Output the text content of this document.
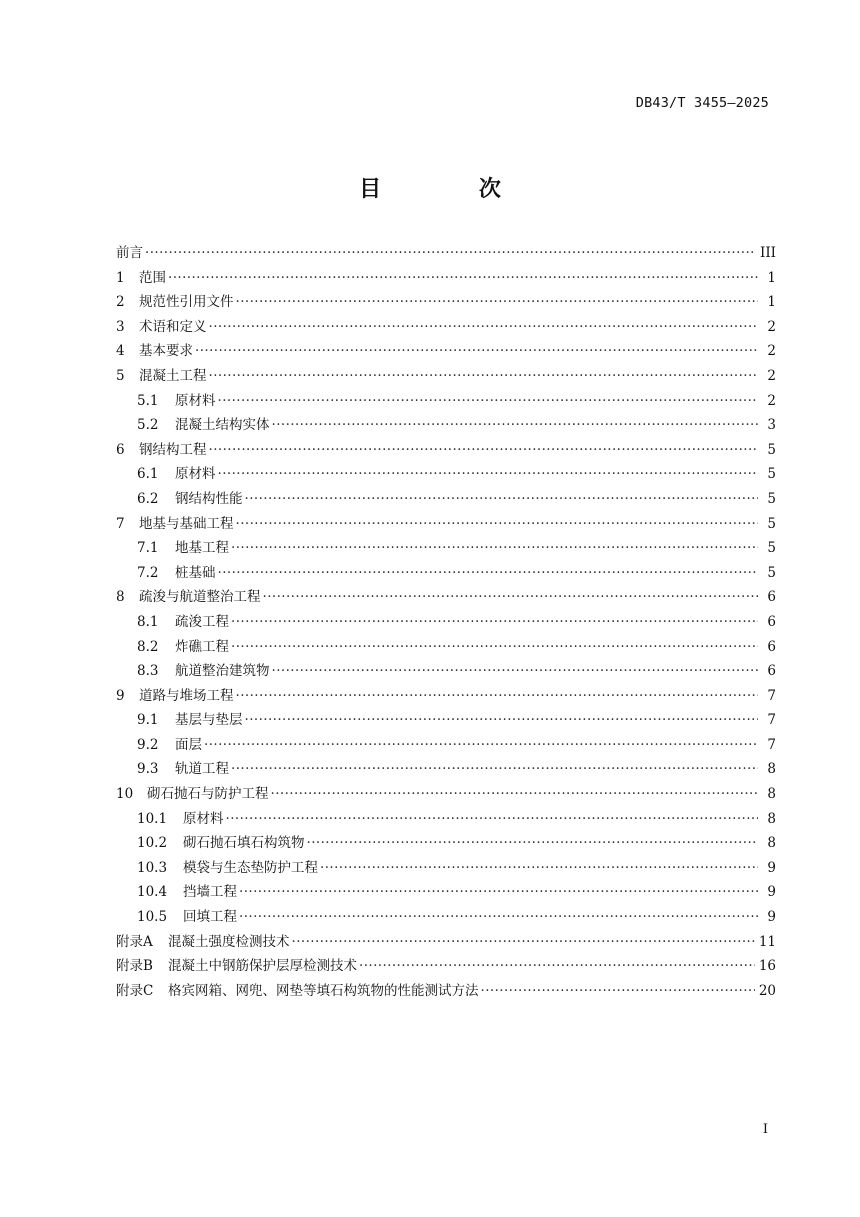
DB43/T 3455—2025
目 次
前言 ·····	III
1	范围 ·····	1
2	规范性引用文件 ·····	1
3	术语和定义 ·····	2
4	基本要求 ·····	2
5	混凝土工程 ·····	2
5.1	原材料 ·····	2
5.2	混凝土结构实体 ·····	3
6	钢结构工程 ·····	5
6.1	原材料 ·····	5
6.2	钢结构性能 ·····	5
7	地基与基础工程 ·····	5
7.1	地基工程 ·····	5
7.2	桩基础 ·····	5
8	疏浚与航道整治工程 ·····	6
8.1	疏浚工程 ·····	6
8.2	炸礁工程 ·····	6
8.3	航道整治建筑物 ·····	6
9	道路与堆场工程 ·····	7
9.1	基层与垫层 ·····	7
9.2	面层 ·····	7
9.3	轨道工程 ·····	8
10	砌石抛石与防护工程 ·····	8
10.1	原材料 ·····	8
10.2	砌石抛石填石构筑物 ·····	8
10.3	模袋与生态垫防护工程 ·····	9
10.4	挡墙工程 ·····	9
10.5	回填工程 ·····	9
附录A	混凝土强度检测技术 ·····	11
附录B	混凝土中钢筋保护层厚检测技术 ·····	16
附录C	格宾网箱、网兜、网垫等填石构筑物的性能测试方法 ·····	20
I
